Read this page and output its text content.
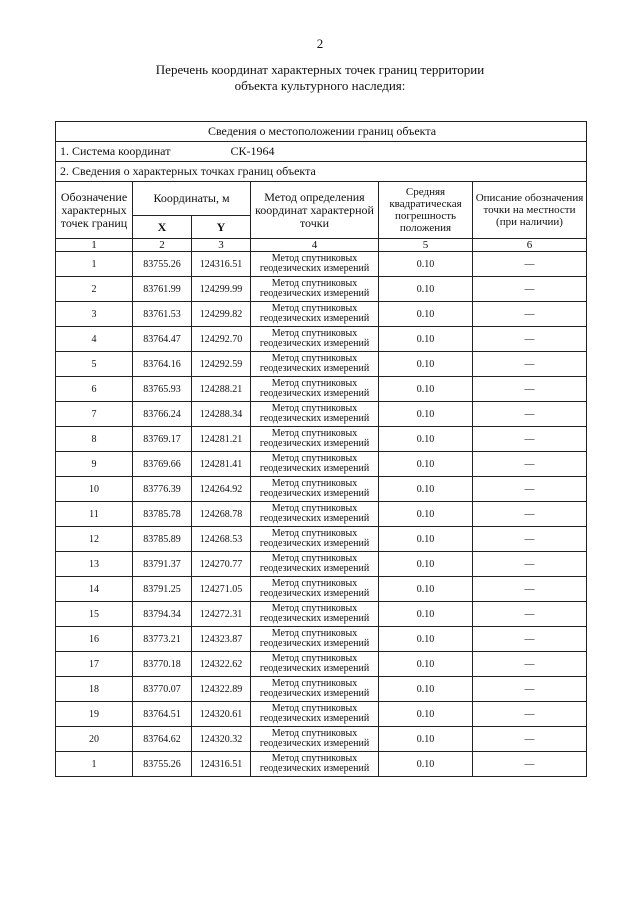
2
Перечень координат характерных точек границ территории
объекта культурного наследия:
Сведения о местоположении границ объекта					
1. Система координат СК-1964					
2. Сведения о характерных точках границ объекта					
Обозначение характерных точек границ	Координаты, м		Метод определения координат характерной точки	Средняя квадратическая погрешность положения	Описание обозначения точки на местности (при наличии)
	X	Y			
1	2	3	4	5	6
1	83755.26	124316.51	Метод спутниковых геодезических измерений	0.10	—
2	83761.99	124299.99	Метод спутниковых геодезических измерений	0.10	—
3	83761.53	124299.82	Метод спутниковых геодезических измерений	0.10	—
4	83764.47	124292.70	Метод спутниковых геодезических измерений	0.10	—
5	83764.16	124292.59	Метод спутниковых геодезических измерений	0.10	—
6	83765.93	124288.21	Метод спутниковых геодезических измерений	0.10	—
7	83766.24	124288.34	Метод спутниковых геодезических измерений	0.10	—
8	83769.17	124281.21	Метод спутниковых геодезических измерений	0.10	—
9	83769.66	124281.41	Метод спутниковых геодезических измерений	0.10	—
10	83776.39	124264.92	Метод спутниковых геодезических измерений	0.10	—
11	83785.78	124268.78	Метод спутниковых геодезических измерений	0.10	—
12	83785.89	124268.53	Метод спутниковых геодезических измерений	0.10	—
13	83791.37	124270.77	Метод спутниковых геодезических измерений	0.10	—
14	83791.25	124271.05	Метод спутниковых геодезических измерений	0.10	—
15	83794.34	124272.31	Метод спутниковых геодезических измерений	0.10	—
16	83773.21	124323.87	Метод спутниковых геодезических измерений	0.10	—
17	83770.18	124322.62	Метод спутниковых геодезических измерений	0.10	—
18	83770.07	124322.89	Метод спутниковых геодезических измерений	0.10	—
19	83764.51	124320.61	Метод спутниковых геодезических измерений	0.10	—
20	83764.62	124320.32	Метод спутниковых геодезических измерений	0.10	—
1	83755.26	124316.51	Метод спутниковых геодезических измерений	0.10	—
